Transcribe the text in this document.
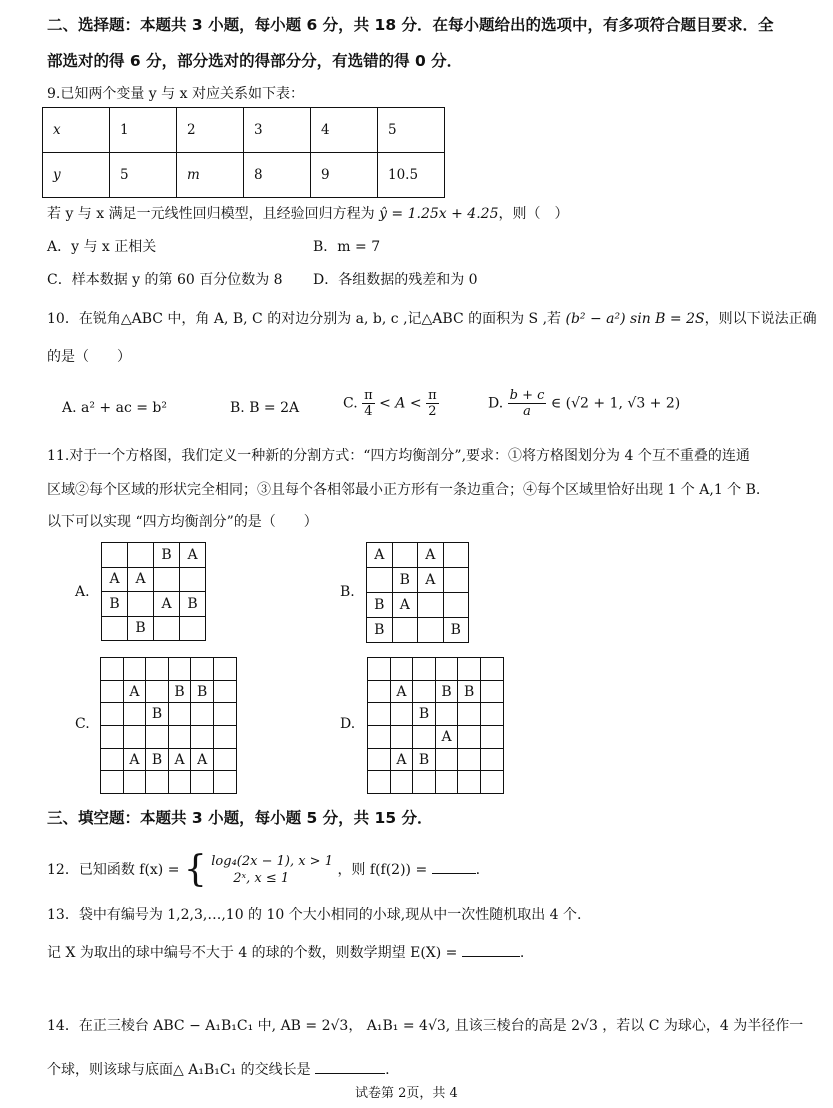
二、选择题：本题共 3 小题，每小题 6 分，共 18 分．在每小题给出的选项中，有多项符合题目要求．全
部选对的得 6 分，部分选对的得部分分，有选错的得 0 分．
9.已知两个变量 y 与 x 对应关系如下表：
x	1	2	3	4	5
y	5	m	8	9	10.5
若 y 与 x 满足一元线性回归模型，且经验回归方程为 ŷ = 1.25x + 4.25，则（　）
A．y 与 x 正相关	B．m = 7
C．样本数据 y 的第 60 百分位数为 8 D．各组数据的残差和为 0
10．在锐角△ABC 中，角 A, B, C 的对边分别为 a, b, c ,记△ABC 的面积为 S ,若 (b² − a²) sin B = 2S，则以下说法正确
的是（　　）
A. a² + ac = b²	B. B = 2A	C. $\frac{\pi}{4} < A < \frac{\pi}{2}$	D. $\frac{b + c}{a}$ ∈ (√2 + 1, √3 + 2)
11.对于一个方格图，我们定义一种新的分割方式：“四方均衡剖分”,要求：①将方格图划分为 4 个互不重叠的连通
区域②每个区域的形状完全相同；③且每个各相邻最小正方形有一条边重合；④每个区域里恰好出现 1 个 A,1 个 B.
以下可以实现 “四方均衡剖分”的是（　　）
A.
B	A
A	A
B	A	B
B
B.
A	A
B	A
B	A
B	B
C.
A	B B
B
A B A A
D.
A	B B
B
A
A B
三、填空题：本题共 3 小题，每小题 5 分，共 15 分．
12．已知函数 f(x) = { log₄(2x − 1), x > 1
2ˣ, x ≤ 1
，则 f(f(2)) =	.
13．袋中有编号为 1,2,3,…,10 的 10 个大小相同的小球,现从中一次性随机取出 4 个.
记 X 为取出的球中编号不大于 4 的球的个数，则数学期望 E(X) =	.
14．在正三棱台 ABC − A₁B₁C₁ 中, AB = 2√3， A₁B₁ = 4√3, 且该三棱台的高是 2√3 ，若以 C 为球心，4 为半径作一
个球，则该球与底面△ A₁B₁C₁ 的交线长是	.
试卷第 2页，共 4
